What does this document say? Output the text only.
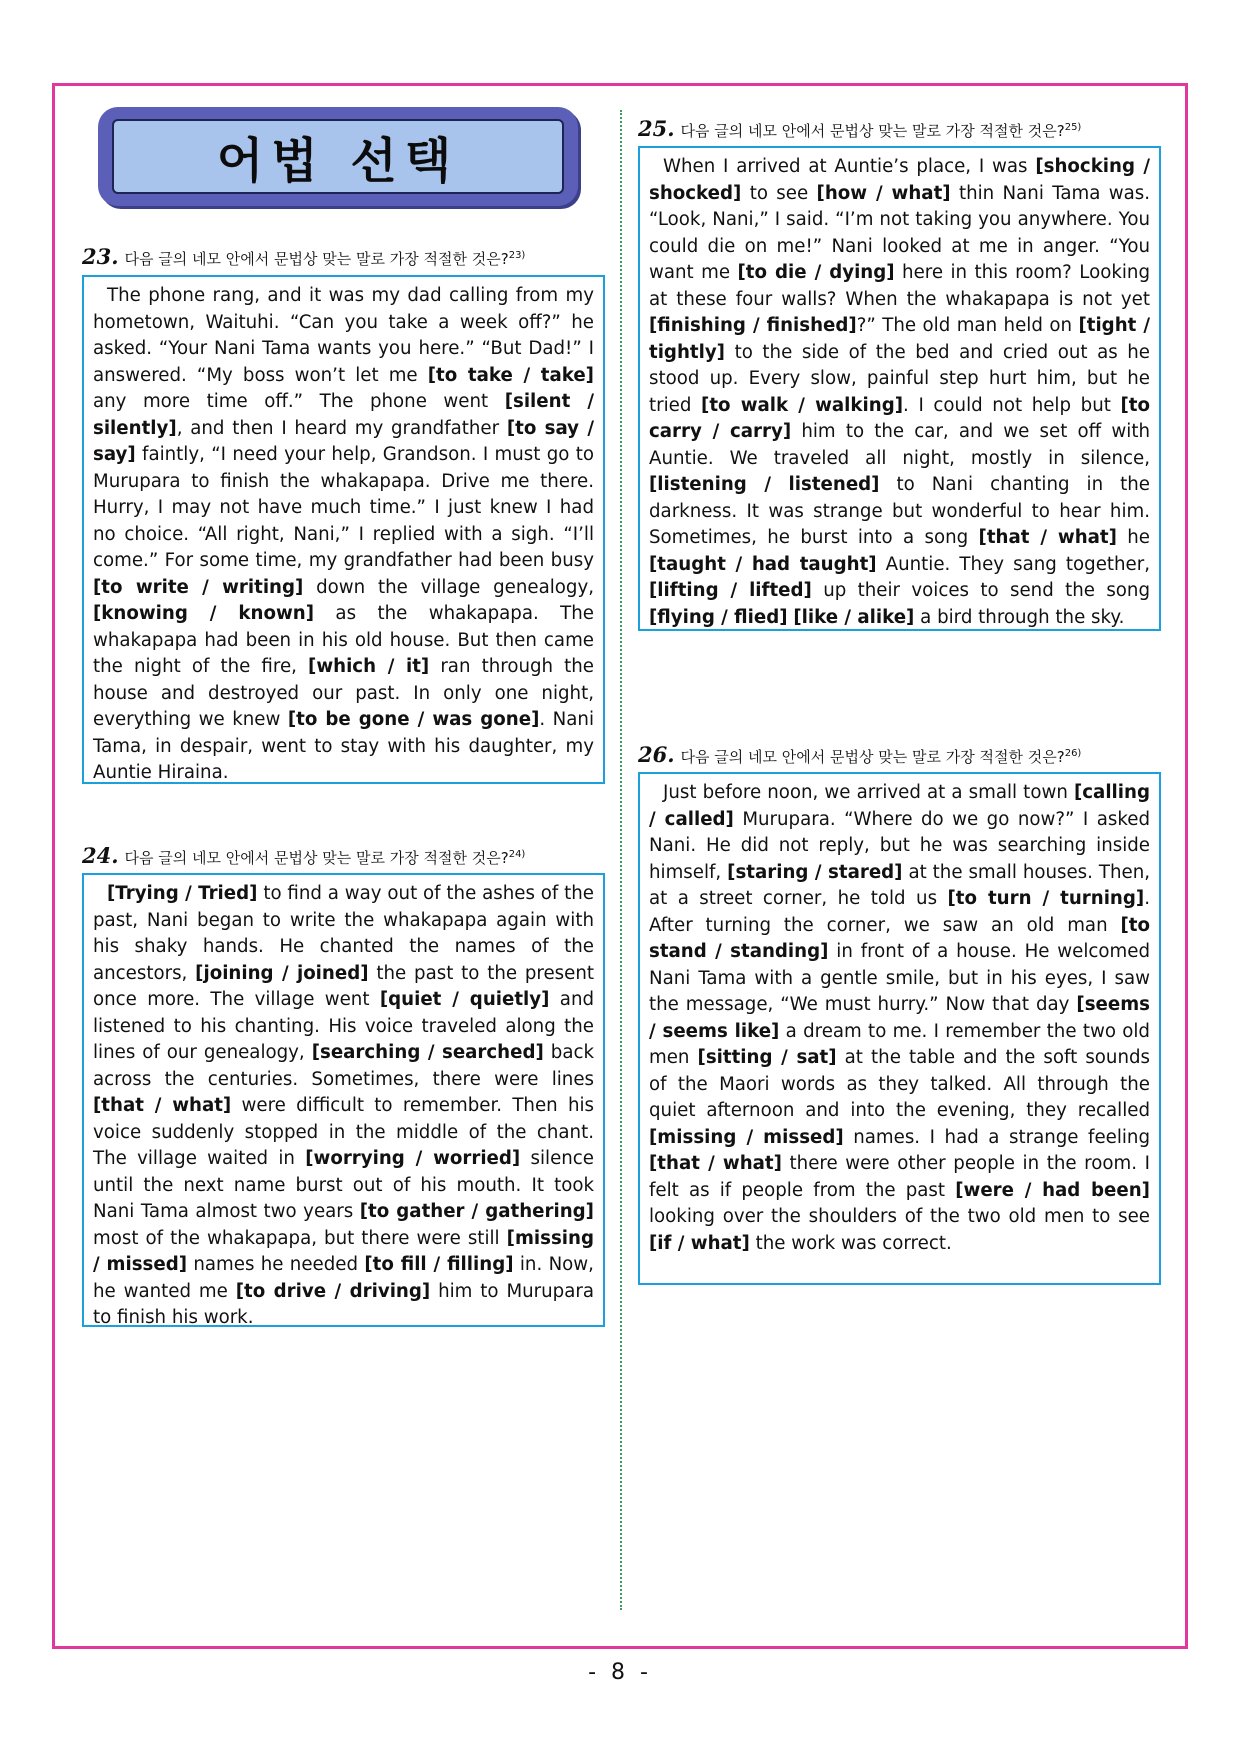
어법 선택
23. 다음 글의 네모 안에서 문법상 맞는 말로 가장 적절한 것은?$^{23)}$
The phone rang, and it was my dad calling from my hometown, Waituhi. “Can you take a week off?” he asked. “Your Nani Tama wants you here.” “But Dad!” I answered. “My boss won’t let me [to take / take] any more time off.” The phone went [silent / silently], and then I heard my grandfather [to say / say] faintly, “I need your help, Grandson. I must go to Murupara to finish the whakapapa. Drive me there. Hurry, I may not have much time.” I just knew I had no choice. “All right, Nani,” I replied with a sigh. “I’ll come.” For some time, my grandfather had been busy [to write / writing] down the village genealogy, [knowing / known] as the whakapapa. The whakapapa had been in his old house. But then came the night of the fire, [which / it] ran through the house and destroyed our past. In only one night, everything we knew [to be gone / was gone]. Nani Tama, in despair, went to stay with his daughter, my Auntie Hiraina.
24. 다음 글의 네모 안에서 문법상 맞는 말로 가장 적절한 것은?$^{24)}$
[Trying / Tried] to find a way out of the ashes of the past, Nani began to write the whakapapa again with his shaky hands. He chanted the names of the ancestors, [joining / joined] the past to the present once more. The village went [quiet / quietly] and listened to his chanting. His voice traveled along the lines of our genealogy, [searching / searched] back across the centuries. Sometimes, there were lines [that / what] were difficult to remember. Then his voice suddenly stopped in the middle of the chant. The village waited in [worrying / worried] silence until the next name burst out of his mouth. It took Nani Tama almost two years [to gather / gathering] most of the whakapapa, but there were still [missing / missed] names he needed [to fill / filling] in. Now, he wanted me [to drive / driving] him to Murupara to finish his work.
25. 다음 글의 네모 안에서 문법상 맞는 말로 가장 적절한 것은?$^{25)}$
When I arrived at Auntie’s place, I was [shocking / shocked] to see [how / what] thin Nani Tama was. “Look, Nani,” I said. “I’m not taking you anywhere. You could die on me!” Nani looked at me in anger. “You want me [to die / dying] here in this room? Looking at these four walls? When the whakapapa is not yet [finishing / finished]?” The old man held on [tight / tightly] to the side of the bed and cried out as he stood up. Every slow, painful step hurt him, but he tried [to walk / walking]. I could not help but [to carry / carry] him to the car, and we set off with Auntie. We traveled all night, mostly in silence, [listening / listened] to Nani chanting in the darkness. It was strange but wonderful to hear him. Sometimes, he burst into a song [that / what] he [taught / had taught] Auntie. They sang together, [lifting / lifted] up their voices to send the song [flying / flied] [like / alike] a bird through the sky.
26. 다음 글의 네모 안에서 문법상 맞는 말로 가장 적절한 것은?$^{26)}$
Just before noon, we arrived at a small town [calling / called] Murupara. “Where do we go now?” I asked Nani. He did not reply, but he was searching inside himself, [staring / stared] at the small houses. Then, at a street corner, he told us [to turn / turning]. After turning the corner, we saw an old man [to stand / standing] in front of a house. He welcomed Nani Tama with a gentle smile, but in his eyes, I saw the message, “We must hurry.” Now that day [seems / seems like] a dream to me. I remember the two old men [sitting / sat] at the table and the soft sounds of the Maori words as they talked. All through the quiet afternoon and into the evening, they recalled [missing / missed] names. I had a strange feeling [that / what] there were other people in the room. I felt as if people from the past [were / had been] looking over the shoulders of the two old men to see [if / what] the work was correct.
- 8 -
